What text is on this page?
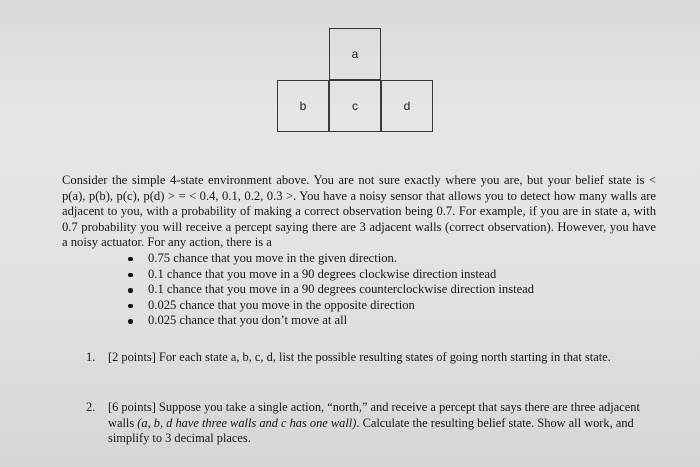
a
b	c	d

Consider the simple 4-state environment above. You are not sure exactly where you are, but your belief state is < p(a), p(b), p(c), p(d) > = < 0.4, 0.1, 0.2, 0.3 >. You have a noisy sensor that allows you to detect how many walls are adjacent to you, with a probability of making a correct observation being 0.7. For example, if you are in state a, with 0.7 probability you will receive a percept saying there are 3 adjacent walls (correct observation). However, you have a noisy actuator. For any action, there is a

0.75 chance that you move in the given direction.
0.1 chance that you move in a 90 degrees clockwise direction instead
0.1 chance that you move in a 90 degrees counterclockwise direction instead
0.025 chance that you move in the opposite direction
0.025 chance that you don’t move at all
1. [2 points] For each state a, b, c, d, list the possible resulting states of going north starting in that state.
2. [6 points] Suppose you take a single action, “north,” and receive a percept that says there are three adjacent walls (a, b, d have three walls and c has one wall). Calculate the resulting belief state. Show all work, and simplify to 3 decimal places.
